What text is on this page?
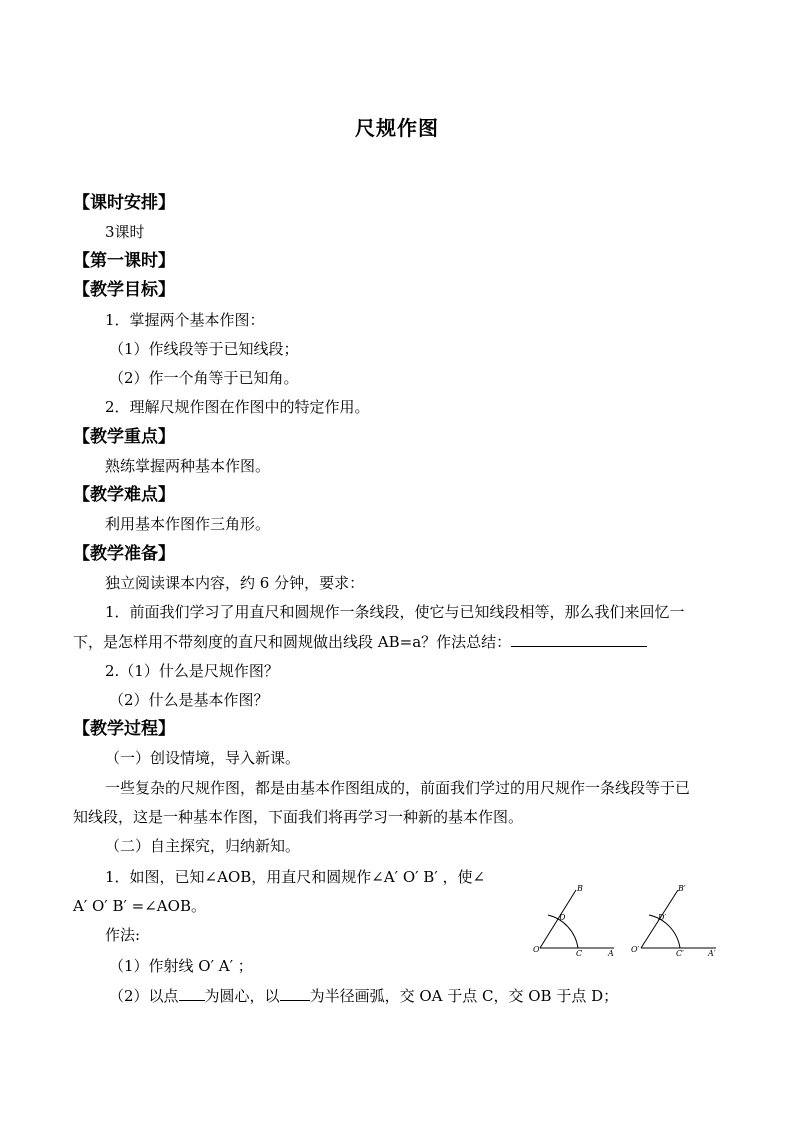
尺规作图
【课时安排】
3课时
【第一课时】
【教学目标】
1．掌握两个基本作图：
（1）作线段等于已知线段；
（2）作一个角等于已知角。
2．理解尺规作图在作图中的特定作用。
【教学重点】
熟练掌握两种基本作图。
【教学难点】
利用基本作图作三角形。
【教学准备】
独立阅读课本内容，约 6 分钟，要求：
1．前面我们学习了用直尺和圆规作一条线段，使它与已知线段相等，那么我们来回忆一
下，是怎样用不带刻度的直尺和圆规做出线段 AB=a？作法总结：
2.（1）什么是尺规作图？
（2）什么是基本作图？
【教学过程】
（一）创设情境，导入新课。
一些复杂的尺规作图，都是由基本作图组成的，前面我们学过的用尺规作一条线段等于已
知线段，这是一种基本作图，下面我们将再学习一种新的基本作图。
（二）自主探究，归纳新知。
1．如图，已知∠AOB，用直尺和圆规作∠A′ O′ B′ ，使∠
A′ O′ B′ =∠AOB。
作法:
（1）作射线 O′ A′ ；
（2）以点 为圆心，以 为半径画弧，交 OA 于点 C，交 OB 于点 D；
B
D
O	C	A
B′
D′
O′	C′	A′
